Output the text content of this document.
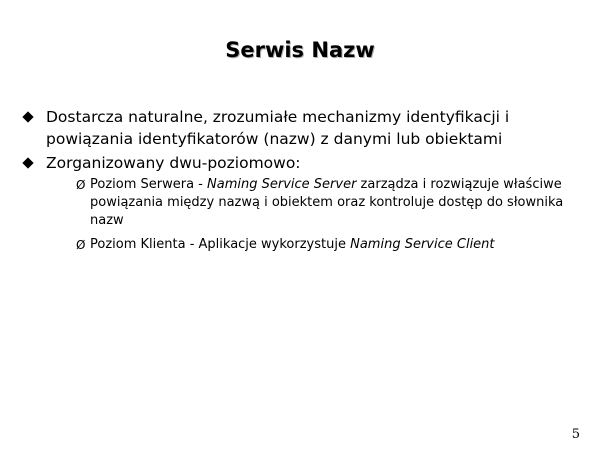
Serwis Nazw
Dostarcza naturalne, zrozumiałe mechanizmy identyfikacji i powiązania identyfikatorów (nazw) z danymi lub obiektami
Zorganizowany dwu-poziomowo:
Ø Poziom Serwera - Naming Service Server zarządza i rozwiązuje właściwe powiązania między nazwą i obiektem oraz kontroluje dostęp do słownika nazw
Ø Poziom Klienta - Aplikacje wykorzystuje Naming Service Client
5
